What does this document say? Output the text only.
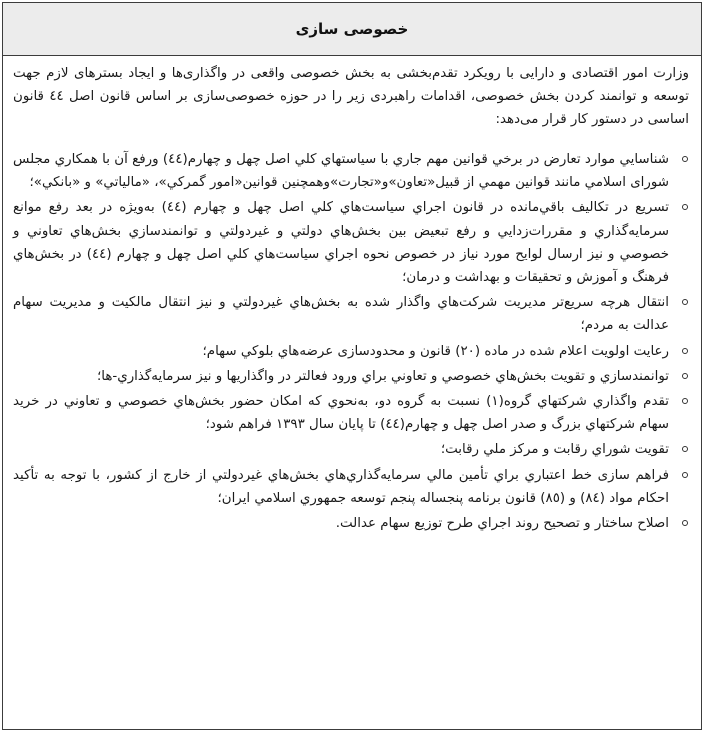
خصوصی سازی

وزارت امور اقتصادی و دارایی با رویکرد تقدم‌بخشی به بخش خصوصی واقعی در واگذاری‌ها و ایجاد بسترهای لازم جهت توسعه و توانمند کردن بخش خصوصی، اقدامات راهبردی زیر را در حوزه خصوصی‌سازی بر اساس قانون اصل ٤٤ قانون اساسی در دستور کار قرار می‌دهد:

شناسايي موارد تعارض در برخي قوانين مهم جاري با سياستهاي كلي اصل چهل و چهارم(٤٤) ورفع آن با همكاري مجلس شوراى اسلامي مانند قوانين مهمي از قبيل«تعاون»و«تجارت»وهمچنين قوانين«امور گمركي»، «مالياتي» و «بانكي»؛
تسريع در تكاليف باقي‌مانده در قانون اجراي سياست‌هاي كلي اصل چهل و چهارم (٤٤) به‌ويژه در بعد رفع موانع سرمايه‌گذاري و مقررات‌زدايي و رفع تبعيض بين بخش‌هاي دولتي و غيردولتي و توانمندسازي بخش‌هاي تعاوني و خصوصي و نيز ارسال لوايح مورد نياز در خصوص نحوه اجراي سياست‌هاي كلي اصل چهل و چهارم (٤٤) در بخش‌هاي فرهنگ و آموزش و تحقيقات و بهداشت و درمان؛
انتقال هرچه سريع‌تر مديريت شركت‌هاي واگذار شده به بخش‌هاي غيردولتي و نيز انتقال مالكيت و مديريت سهام عدالت به مردم؛
رعايت اولويت اعلام شده در ماده (٢٠) قانون و محدودسازی عرضه‌هاي بلوكي سهام؛
توانمندسازي و تقويت بخش‌هاي خصوصي و تعاوني براي ورود فعالتر در واگذاريها و نيز سرمايه‌گذاري‌-ها؛
تقدم واگذاري شركتهاي گروه(١) نسبت به گروه دو، به‌نحوي كه امكان حضور بخش‌هاي خصوصي و تعاوني در خريد سهام شركتهاي بزرگ و صدر اصل چهل و چهارم(٤٤) تا پايان سال ١٣٩٣ فراهم شود؛
تقويت شوراي رقابت و مركز ملي رقابت؛
فراهم سازی خط اعتباري براي تأمين مالي سرمايه‌گذاري‌هاي بخش‌هاي غيردولتي از خارج از كشور، با توجه به تأكيد احكام مواد (٨٤) و (٨٥) قانون برنامه پنجساله پنجم توسعه جمهوري اسلامي ايران؛
اصلاح ساختار و تصحيح روند اجراي طرح توزيع سهام عدالت.
